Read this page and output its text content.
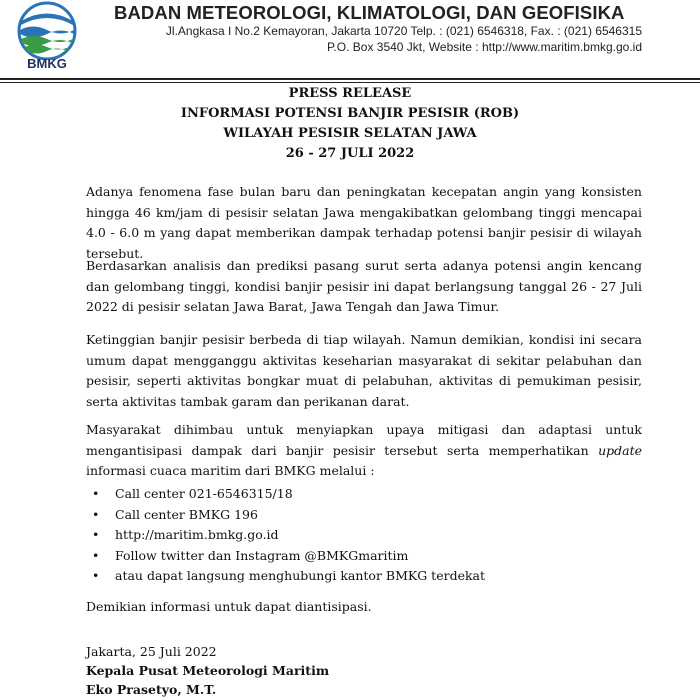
BMKG
BADAN METEOROLOGI, KLIMATOLOGI, DAN GEOFISIKA
Jl.Angkasa I No.2 Kemayoran, Jakarta 10720 Telp. : (021) 6546318, Fax. : (021) 6546315
P.O. Box 3540 Jkt, Website : http://www.maritim.bmkg.go.id
PRESS RELEASE
INFORMASI POTENSI BANJIR PESISIR (ROB)
WILAYAH PESISIR SELATAN JAWA
26 - 27 JULI 2022

Adanya fenomena fase bulan baru dan peningkatan kecepatan angin yang konsisten hingga 46 km/jam di pesisir selatan Jawa mengakibatkan gelombang tinggi mencapai 4.0 - 6.0 m yang dapat memberikan dampak terhadap potensi banjir pesisir di wilayah tersebut.

Berdasarkan analisis dan prediksi pasang surut serta adanya potensi angin kencang dan gelombang tinggi, kondisi banjir pesisir ini dapat berlangsung tanggal 26 - 27 Juli 2022 di pesisir selatan Jawa Barat, Jawa Tengah dan Jawa Timur.

Ketinggian banjir pesisir berbeda di tiap wilayah. Namun demikian, kondisi ini secara umum dapat mengganggu aktivitas keseharian masyarakat di sekitar pelabuhan dan pesisir, seperti aktivitas bongkar muat di pelabuhan, aktivitas di pemukiman pesisir, serta aktivitas tambak garam dan perikanan darat.

Masyarakat dihimbau untuk menyiapkan upaya mitigasi dan adaptasi untuk mengantisipasi dampak dari banjir pesisir tersebut serta memperhatikan update informasi cuaca maritim dari BMKG melalui :

• Call center 021-6546315/18
• Call center BMKG 196
• http://maritim.bmkg.go.id
• Follow twitter dan Instagram @BMKGmaritim
• atau dapat langsung menghubungi kantor BMKG terdekat
Demikian informasi untuk dapat diantisipasi.
Jakarta, 25 Juli 2022
Kepala Pusat Meteorologi Maritim
Eko Prasetyo, M.T.
